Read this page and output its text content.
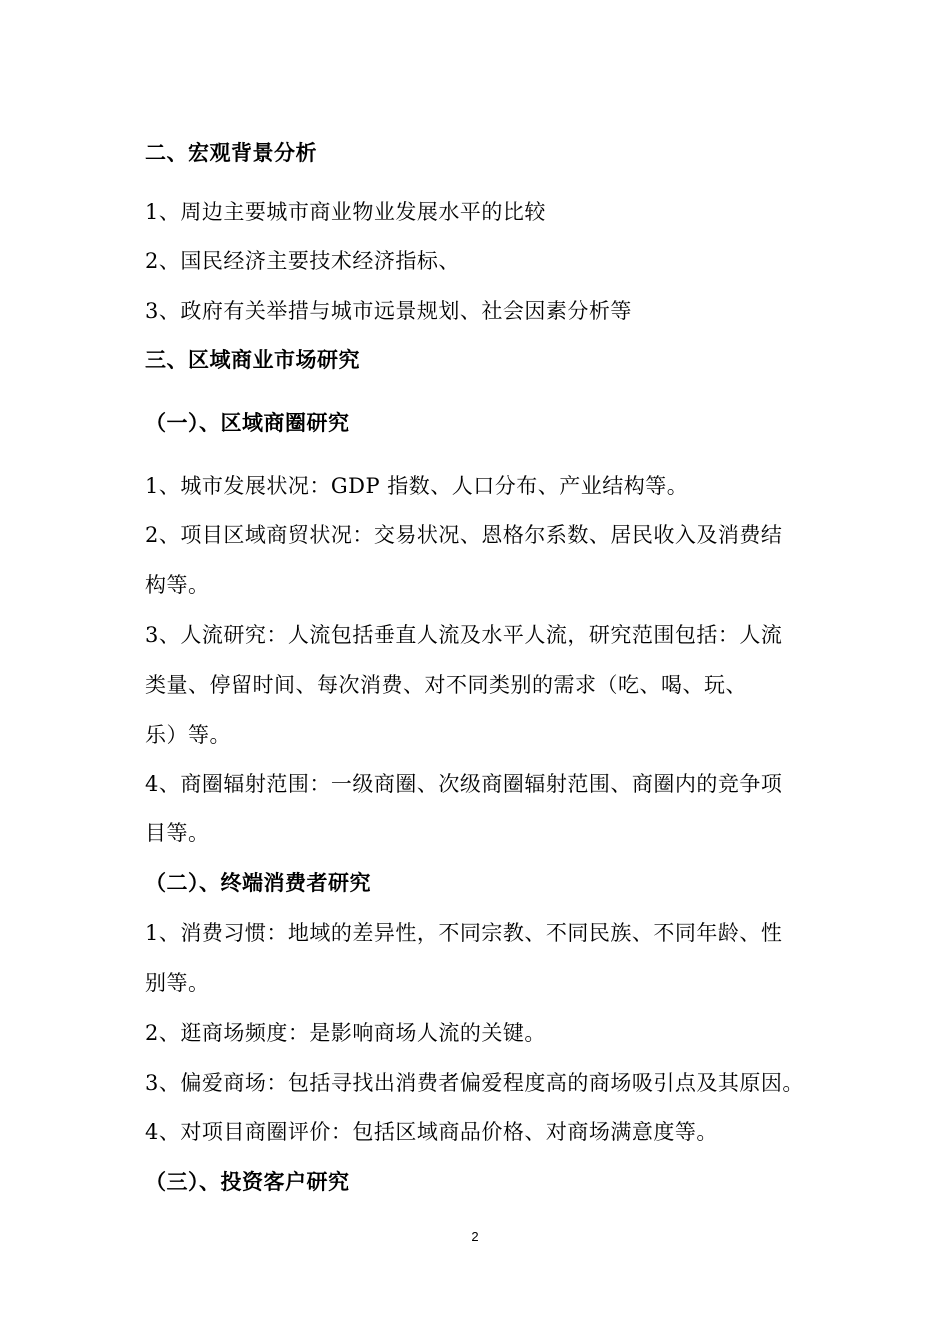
二、宏观背景分析
1、周边主要城市商业物业发展水平的比较
2、国民经济主要技术经济指标、
3、政府有关举措与城市远景规划、社会因素分析等
三、区域商业市场研究
（一）、区域商圈研究
1、城市发展状况：GDP 指数、人口分布、产业结构等。
2、项目区域商贸状况：交易状况、恩格尔系数、居民收入及消费结
构等。
3、人流研究：人流包括垂直人流及水平人流，研究范围包括：人流
类量、停留时间、每次消费、对不同类别的需求（吃、喝、玩、
乐）等。
4、商圈辐射范围：一级商圈、次级商圈辐射范围、商圈内的竞争项
目等。
（二）、终端消费者研究
1、消费习惯：地域的差异性，不同宗教、不同民族、不同年龄、性
别等。
2、逛商场频度：是影响商场人流的关键。
3、偏爱商场：包括寻找出消费者偏爱程度高的商场吸引点及其原因。
4、对项目商圈评价：包括区域商品价格、对商场满意度等。
（三）、投资客户研究
2
